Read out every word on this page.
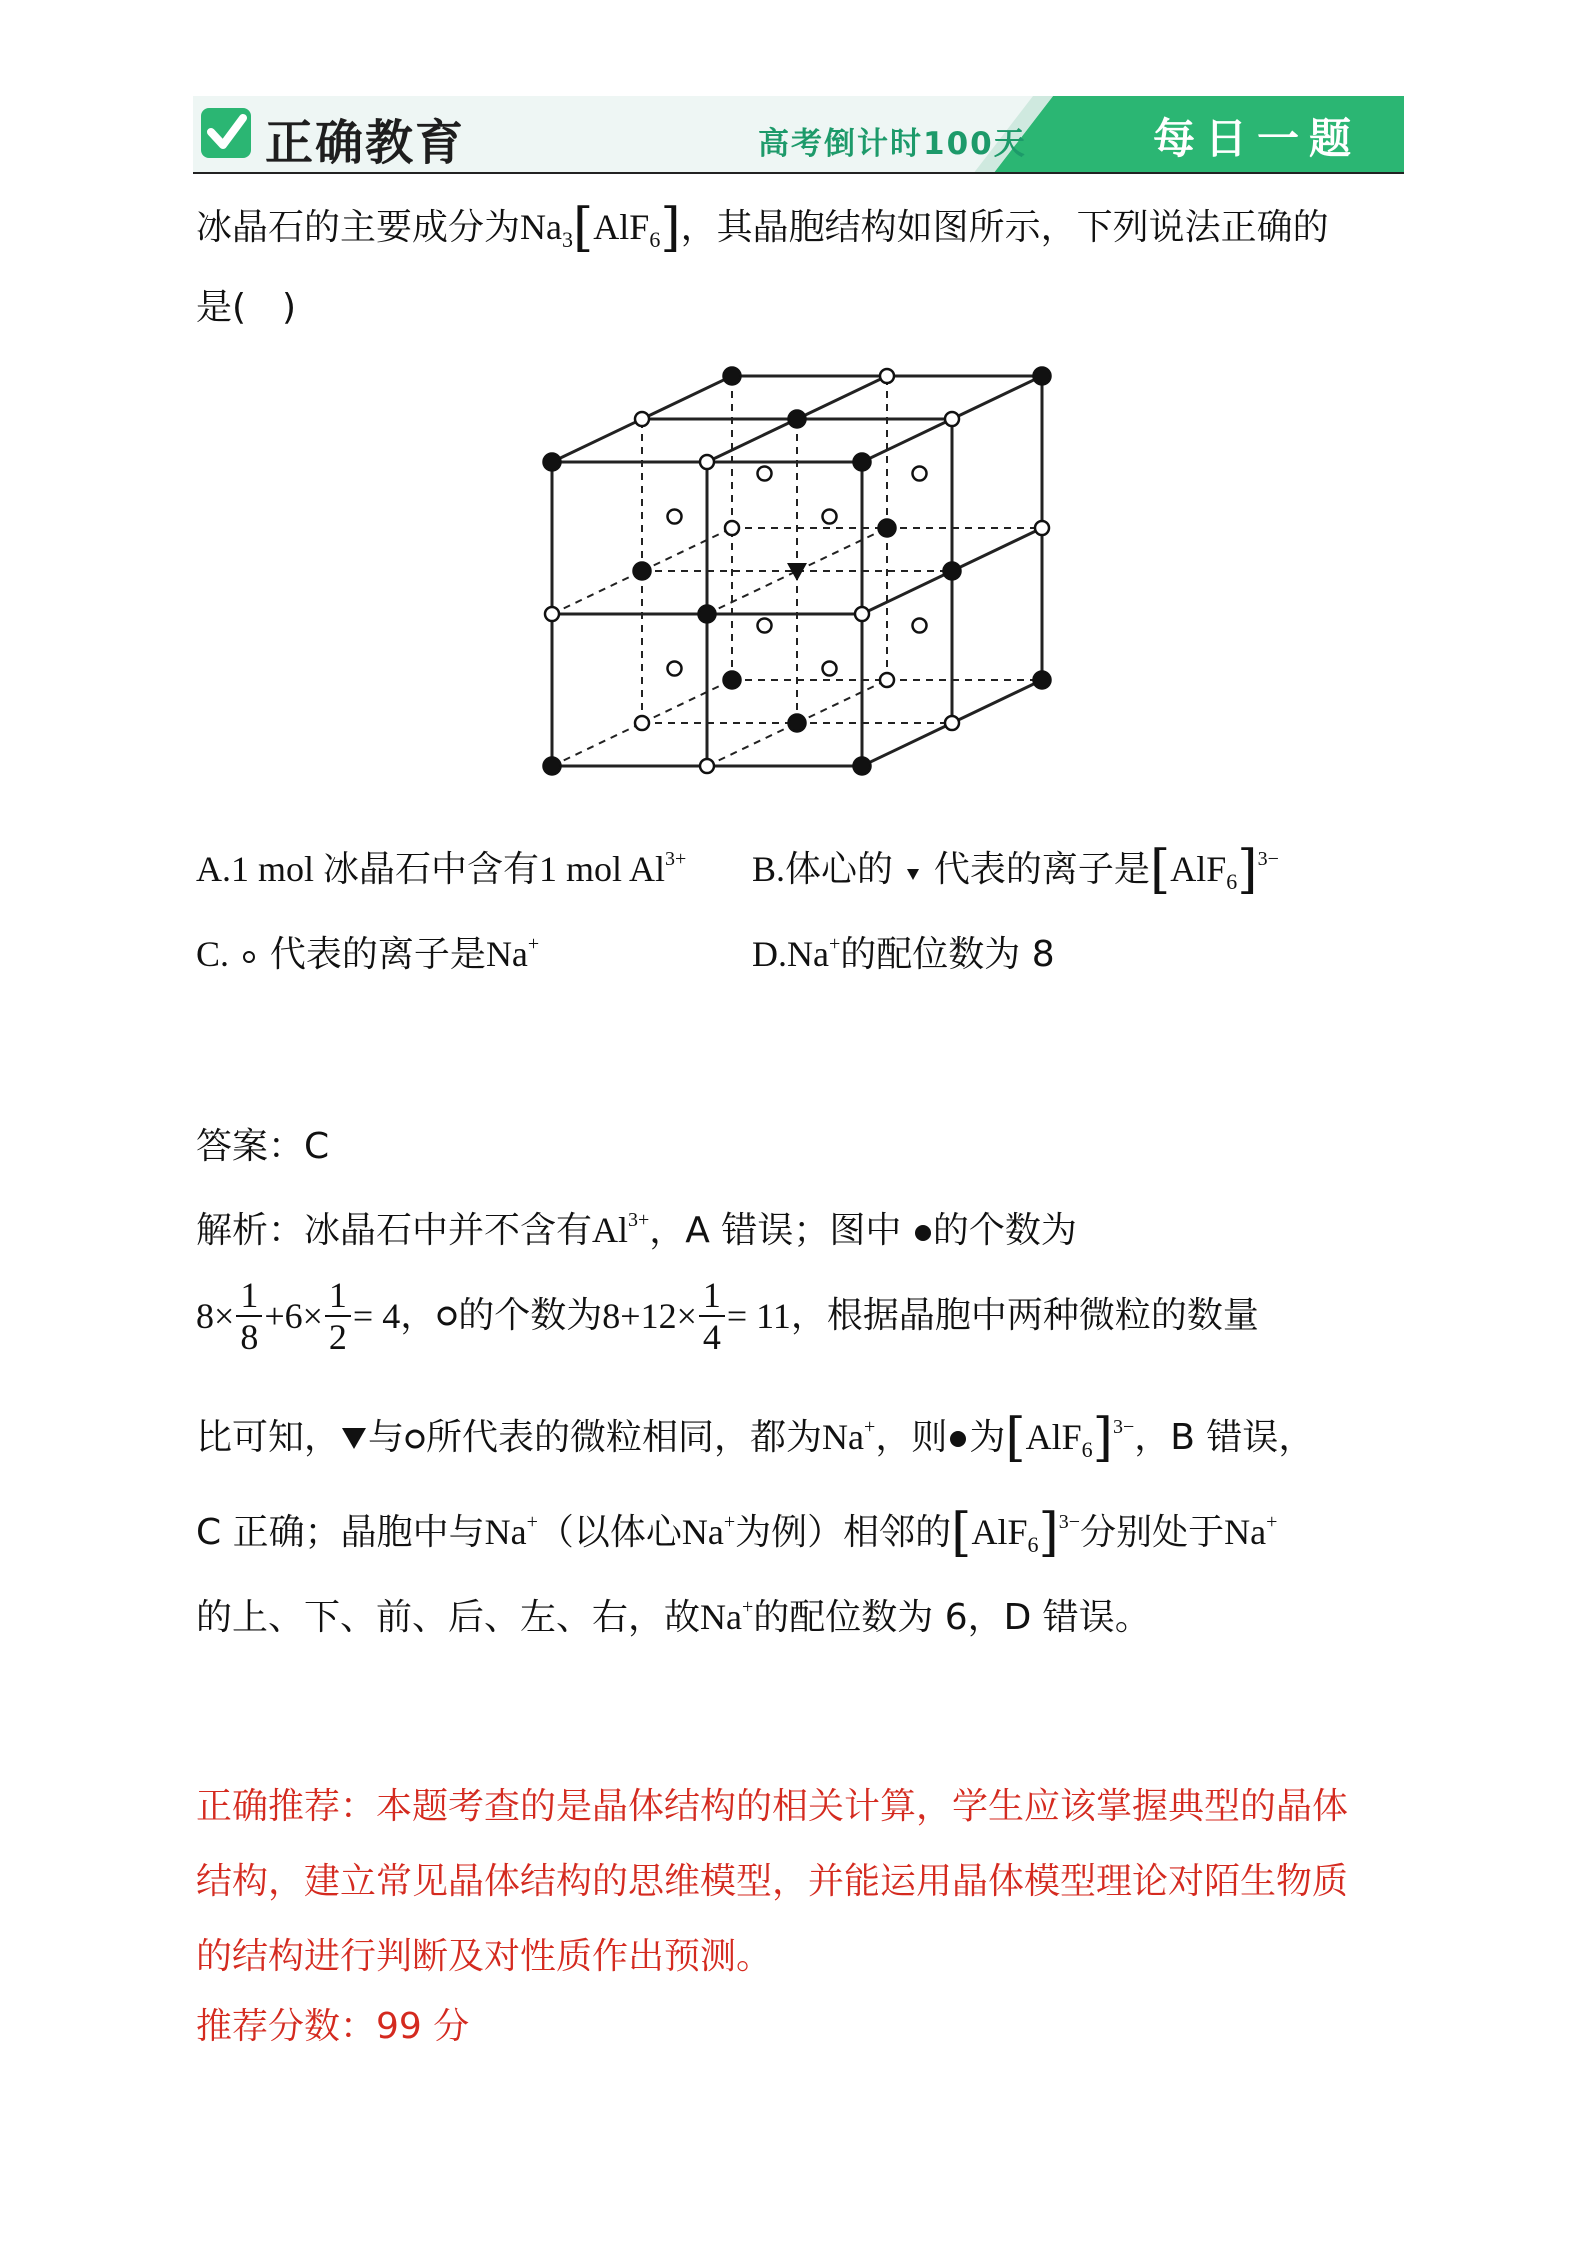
正确教育	高考倒计时100天	每日一题
冰晶石的主要成分为$Na_3[AlF_6]$，其晶胞结构如图所示，下列说法正确的
是(　)
A.1 mol 冰晶石中含有1 mol $Al^{3+}$ B.体心的 代表的离子是$[AlF_6]^{3-}$
C. 代表的离子是Na+	D.Na+的配位数为 8
答案：C
解析：冰晶石中并不含有$Al^{3+}$，A 错误；图中 的个数为
$8\times \frac{1}{8} +6\times \frac{1}{2} = 4$ ， 的个数为 $8+12\times \frac{1}{4} = 11$ ，根据晶胞中两种微粒的数量
比可知， 与 所代表的微粒相同，都为Na+，则 为$[AlF_6]^{3-}$，B 错误，
C 正确；晶胞中与Na+（以体心Na+为例）相邻的$[AlF_6]^{3-}$分别处于Na+
的上、下、前、后、左、右，故Na+的配位数为 6，D 错误。
正确推荐：本题考查的是晶体结构的相关计算，学生应该掌握典型的晶体
结构，建立常见晶体结构的思维模型，并能运用晶体模型理论对陌生物质
的结构进行判断及对性质作出预测。
推荐分数：99 分
